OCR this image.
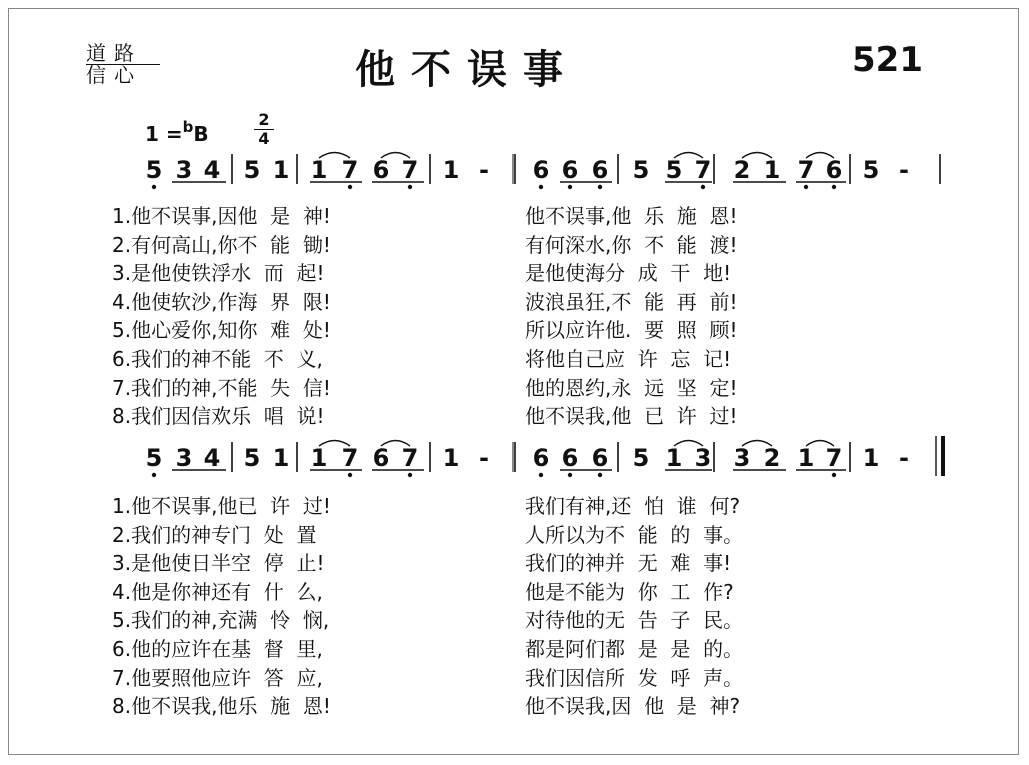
道路
信心	他不误事	521
1 =$^b$B
2
4
5 3 4 5 1 1 7 6 7 1 - 6 6 6 5 5 7 2 1 7 6 5 -
5 3 4 5 1 1 7 6 7 1 - 6 6 6 5 1 3 3 2 1 7 1 -
1.他不误事,因他  是  神!	他不误事,他  乐  施  恩!
2.有何高山,你不  能  锄!	有何深水,你  不  能  渡!
3.是他使铁浮水  而  起!	是他使海分  成  干  地!
4.他使软沙,作海  界  限!	波浪虽狂,不  能  再  前!
5.他心爱你,知你  难  处!	所以应许他.  要  照  顾!
6.我们的神不能  不  义,	将他自己应  许  忘  记!
7.我们的神,不能  失  信!	他的恩约,永  远  坚  定!
8.我们因信欢乐  唱  说!	他不误我,他  已  许  过!
1.他不误事,他已  许  过!	我们有神,还  怕  谁  何?
2.我们的神专门  处  置	人所以为不  能  的  事。
3.是他使日半空  停  止!	我们的神并  无  难  事!
4.他是你神还有  什  么,	他是不能为  你  工  作?
5.我们的神,充满  怜  悯,	对待他的无  告  子  民。
6.他的应许在基  督  里,	都是阿们都  是  是  的。
7.他要照他应许  答  应,	我们因信所  发  呼  声。
8.他不误我,他乐  施  恩!	他不误我,因  他  是  神?
